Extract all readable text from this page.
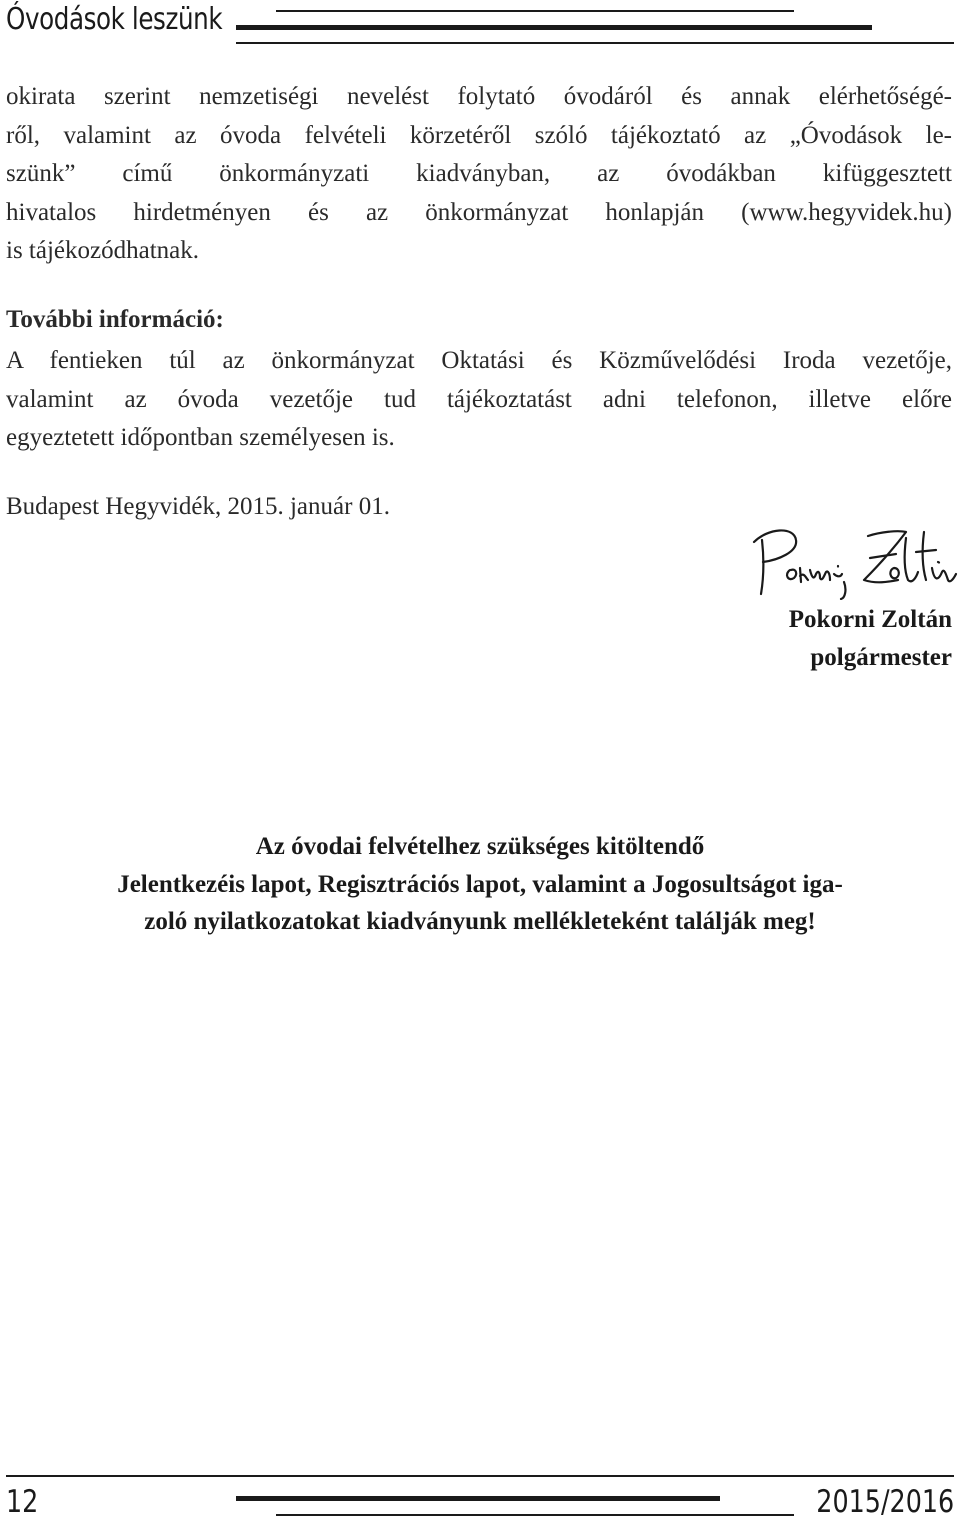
Óvodások leszünk
okirata szerint nemzetiségi nevelést folytató óvodáról és annak elérhetőségé-
ről, valamint az óvoda felvételi körzetéről szóló tájékoztató az „Óvodások le-
szünk” című önkormányzati kiadványban, az óvodákban kifüggesztett
hivatalos hirdetményen és az önkormányzat honlapján (www.hegyvidek.hu)
is tájékozódhatnak.
További információ:
A fentieken túl az önkormányzat Oktatási és Közművelődési Iroda vezetője,
valamint az óvoda vezetője tud tájékoztatást adni telefonon, illetve előre
egyeztetett időpontban személyesen is.
Budapest Hegyvidék, 2015. január 01.
Pokorni Zoltán
polgármester
Az óvodai felvételhez szükséges kitöltendő
Jelentkezéis lapot, Regisztrációs lapot, valamint a Jogosultságot iga-
zoló nyilatkozatokat kiadványunk mellékleteként találják meg!
12	2015/2016
